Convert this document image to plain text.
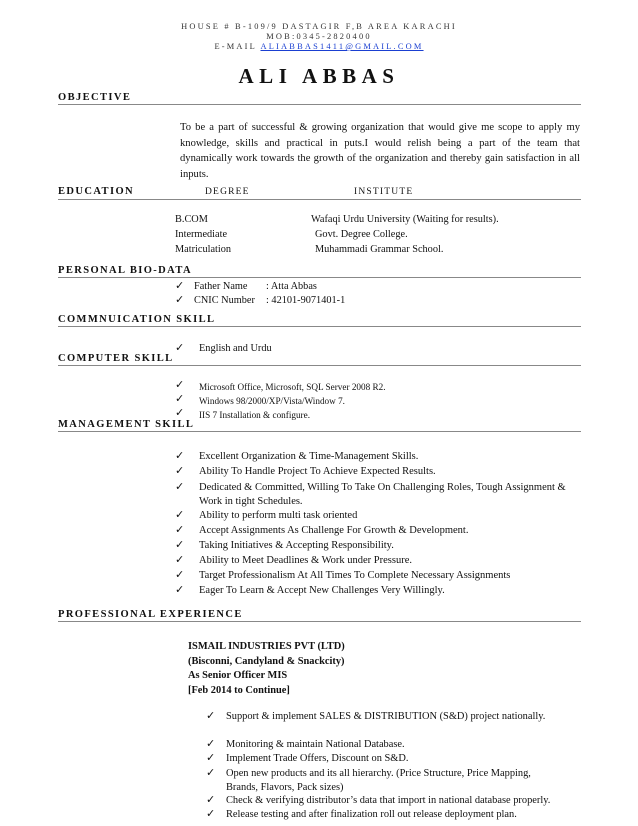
HOUSE # B-109/9 DASTAGIR F,B AREA KARACHI
MOB:0345-2820400
E-MAIL ALIABBAS1411@GMAIL.COM
ALI ABBAS
OBJECTIVE
To be a part of successful & growing organization that would give me scope to apply my knowledge, skills and practical in puts.I would relish being a part of the team that dynamically work towards the growth of the organization and thereby gain satisfaction in all inputs.
EDUCATION	DEGREE	INSTITUTE
B.COM	Wafaqi Urdu University (Waiting for results).
Intermediate	Govt. Degree College.
Matriculation	Muhammadi Grammar School.
PERSONAL BIO-DATA
✓ Father Name : Atta Abbas
✓ CNIC Number : 42101-9071401-1
COMMNUICATION SKILL
✓ English and Urdu
COMPUTER SKILL
✓ Microsoft Office, Microsoft, SQL Server 2008 R2.
✓ Windows 98/2000/XP/Vista/Window 7.
✓ IIS 7 Installation & configure.
MANAGEMENT SKILL
✓ Excellent Organization & Time-Management Skills.
✓ Ability To Handle Project To Achieve Expected Results.
✓ Dedicated & Committed, Willing To Take On Challenging Roles, Tough Assignment & Work in tight Schedules.
✓ Ability to perform multi task oriented
✓ Accept Assignments As Challenge For Growth & Development.
✓ Taking Initiatives & Accepting Responsibility.
✓ Ability to Meet Deadlines & Work under Pressure.
✓ Target Professionalism At All Times To Complete Necessary Assignments
✓ Eager To Learn & Accept New Challenges Very Willingly.
PROFESSIONAL EXPERIENCE
ISMAIL INDUSTRIES PVT (LTD)
(Bisconni, Candyland & Snackcity)
As Senior Officer MIS
[Feb 2014 to Continue]
✓ Support & implement SALES & DISTRIBUTION (S&D) project nationally.
✓ Monitoring & maintain National Database.
✓ Implement Trade Offers, Discount on S&D.
✓ Open new products and its all hierarchy. (Price Structure, Price Mapping, Brands, Flavors, Pack sizes)
✓ Check & verifying distributor’s data that import in national database properly.
✓ Release testing and after finalization roll out release deployment plan.
